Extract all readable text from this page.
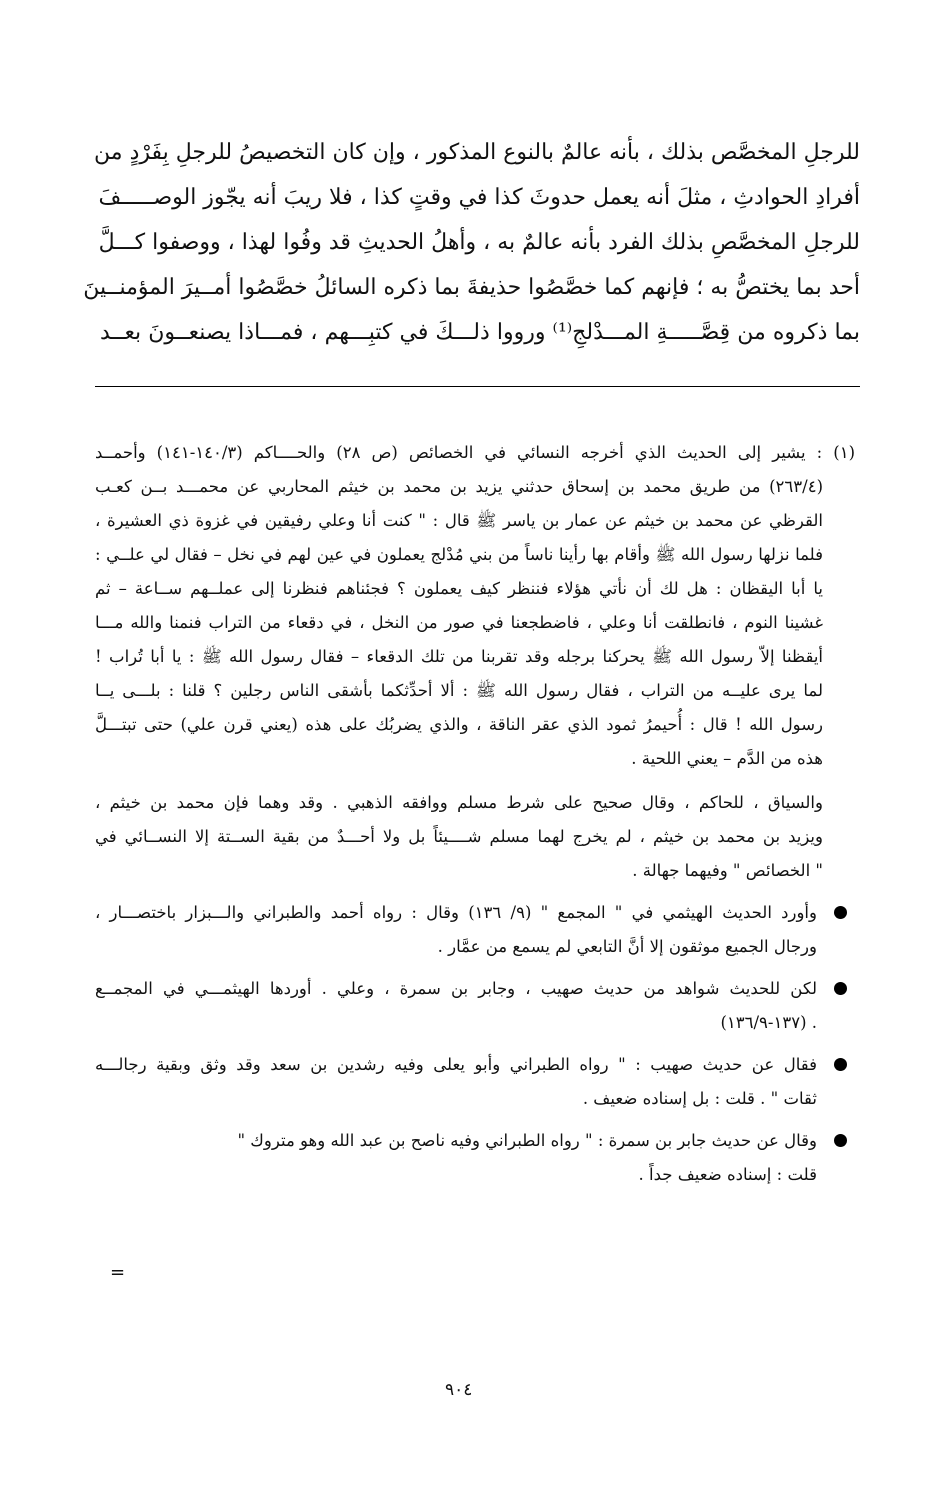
للرجلِ المخصَّص بذلك ، بأنه عالمٌ بالنوع المذكور ، وإن كان التخصيصُ للرجلِ بِفَرْدٍ من
أفرادِ الحوادثِ ، مثلَ أنه يعمل حدوثَ كذا في وقتٍ كذا ، فلا ريبَ أنه يجّوز الوصـــــفَ
للرجلِ المخصَّصِ بذلك الفرد بأنه عالمٌ به ، وأهلُ الحديثِ قد وفُوا لهذا ، ووصفوا كـــلَّ
أحد بما يختصُّ به ؛ فإنهم كما خصَّصُوا حذيفةَ بما ذكره السائلُ خصَّصُوا أمــيرَ المؤمنــينَ
بما ذكروه من قِصَّـــــةِ المـــدْلجِ⁽¹⁾ ورووا ذلـــكَ في كتبِـــهم ، فمـــاذا يصنعــونَ بعــد
(١) : يشير إلى الحديث الذي أخرجه النسائي في الخصائص (ص ٢٨) والحــــاكم (١٤٠/٣-١٤١) وأحمــد
(٢٦٣/٤) من طريق محمد بن إسحاق حدثني يزيد بن محمد بن خيثم المحاربي عن محمـــد بــن كعـب
القرظي عن محمد بن خيثم عن عمار بن ياسر ﷺ قال : " كنت أنا وعلي رفيقين في غزوة ذي العشيرة ،
فلما نزلها رسول الله ﷺ وأقام بها رأينا ناساً من بني مُدْلج يعملون في عين لهم في نخل – فقال لي علــي :
يا أبا اليقظان : هل لك أن نأتي هؤلاء فننظر كيف يعملون ؟ فجئناهم فنظرنا إلى عملــهم ســاعة – ثم
غشينا النوم ، فانطلقت أنا وعلي ، فاضطجعنا في صور من النخل ، في دقعاء من التراب فنمنا والله مـــا
أيقظنا إلاّ رسول الله ﷺ يحركنا برجله وقد تقربنا من تلك الدقعاء – فقال رسول الله ﷺ : يا أبا تُراب !
لما يرى عليــه من التراب ، فقال رسول الله ﷺ : ألا أحدِّثكما بأشقى الناس رجلين ؟ قلنا : بلـــى يــا
رسول الله ! قال : أُحيمرُ ثمود الذي عقر الناقة ، والذي يضربُك على هذه (يعني قرن علي) حتى تبتـــلَّ
هذه من الدَّم – يعني اللحية .
والسياق ، للحاكم ، وقال صحيح على شرط مسلم ووافقه الذهبي . وقد وهما فإن محمد بن خيثم ،
ويزيد بن محمد بن خيثم ، لم يخرج لهما مسلم شــــيئاً بل ولا أحـــدٌ من بقية الســتة إلا النســائي في
" الخصائص " وفيهما جهالة .
وأورد الحديث الهيثمي في " المجمع " (٩/ ١٣٦) وقال : رواه أحمد والطبراني والـــبزار باختصـــار ،
ورجال الجميع موثقون إلا أنَّ التابعي لم يسمع من عمَّار .
لكن للحديث شواهد من حديث صهيب ، وجابر بن سمرة ، وعلي . أوردها الهيثمـــي في المجمــع
. (١٣٧-١٣٦/٩)
فقال عن حديث صهيب : " رواه الطبراني وأبو يعلى وفيه رشدين بن سعد وقد وثق وبقية رجالـــه
ثقات " . قلت : بل إسناده ضعيف .
وقال عن حديث جابر بن سمرة : " رواه الطبراني وفيه ناصح بن عبد الله وهو متروك "
قلت : إسناده ضعيف جداً .
=
٩٠٤
